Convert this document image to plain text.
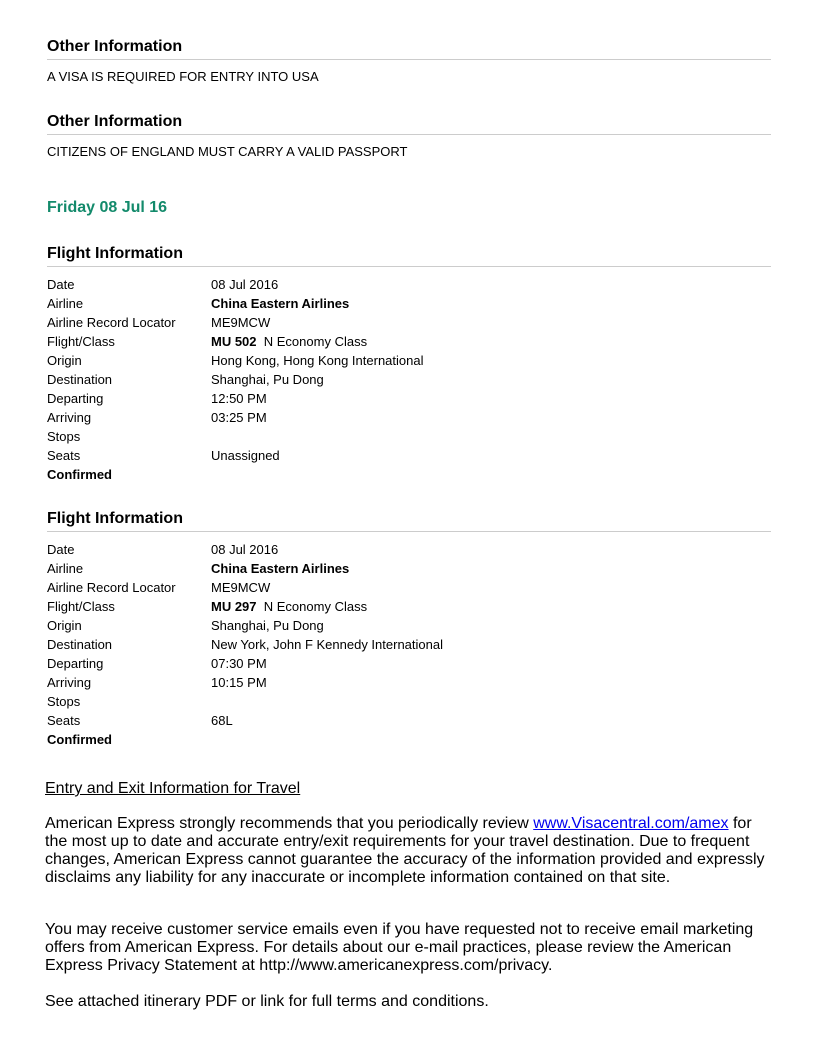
Other Information
A VISA IS REQUIRED FOR ENTRY INTO USA
Other Information
CITIZENS OF ENGLAND MUST CARRY A VALID PASSPORT
Friday 08 Jul 16
Flight Information
Date	08 Jul 2016
Airline	China Eastern Airlines
Airline Record Locator	ME9MCW
Flight/Class	MU 502 N Economy Class
Origin	Hong Kong, Hong Kong International
Destination	Shanghai, Pu Dong
Departing	12:50 PM
Arriving	03:25 PM
Stops
Seats	Unassigned
Confirmed
Flight Information
Date	08 Jul 2016
Airline	China Eastern Airlines
Airline Record Locator	ME9MCW
Flight/Class	MU 297 N Economy Class
Origin	Shanghai, Pu Dong
Destination	New York, John F Kennedy International
Departing	07:30 PM
Arriving	10:15 PM
Stops
Seats	68L
Confirmed
Entry and Exit Information for Travel
American Express strongly recommends that you periodically review www.Visacentral.com/amex for the most up to date and accurate entry/exit requirements for your travel destination. Due to frequent changes, American Express cannot guarantee the accuracy of the information provided and expressly disclaims any liability for any inaccurate or incomplete information contained on that site.
You may receive customer service emails even if you have requested not to receive email marketing offers from American Express. For details about our e-mail practices, please review the American Express Privacy Statement at http://www.americanexpress.com/privacy.
See attached itinerary PDF or link for full terms and conditions.
